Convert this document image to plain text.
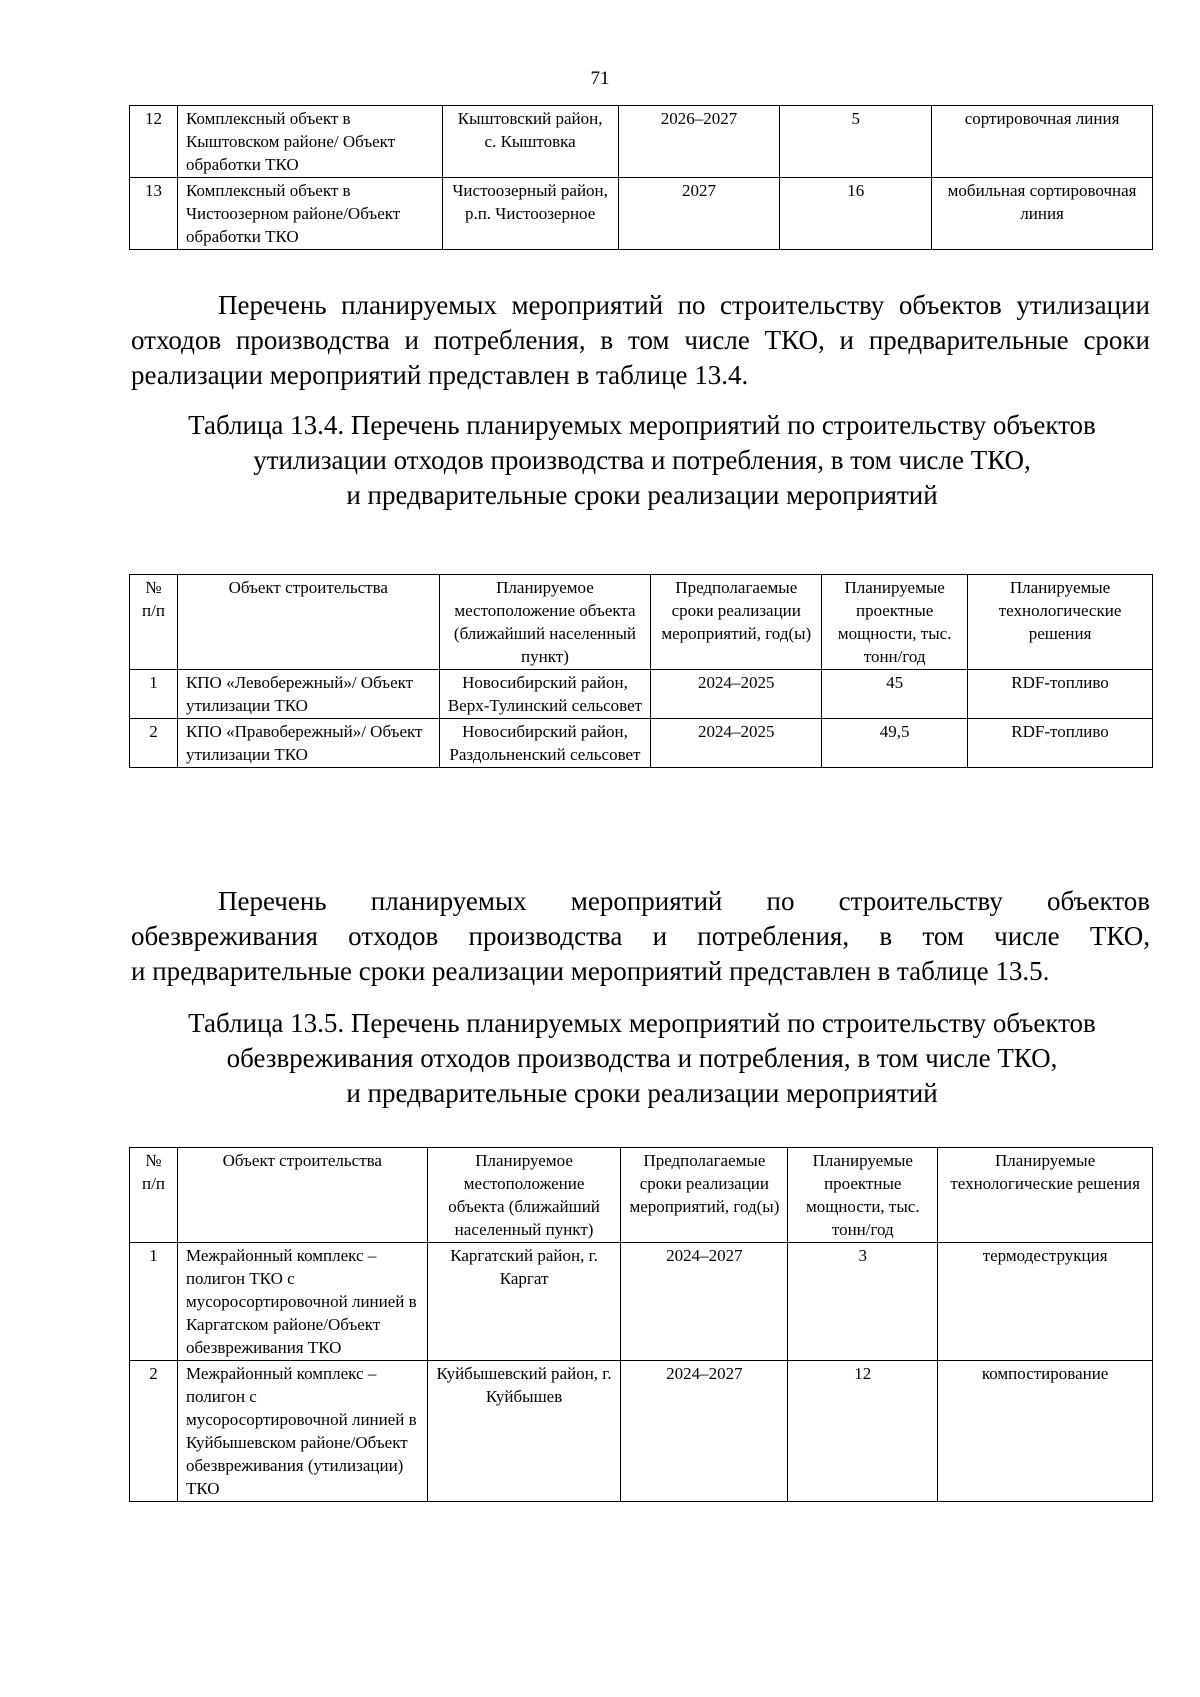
71
12	Комплексный объект в Кыштовском районе/ Объект обработки ТКО	Кыштовский район, с. Кыштовка	2026–2027	5	сортировочная линия
13	Комплексный объект в Чистоозерном районе/Объект обработки ТКО	Чистоозерный район, р.п. Чистоозерное	2027	16	мобильная сортировочная линия
Перечень планируемых мероприятий по строительству объектов утилизации
отходов производства и потребления, в том числе ТКО, и предварительные сроки
реализации мероприятий представлен в таблице 13.4.
Таблица 13.4. Перечень планируемых мероприятий по строительству объектов
утилизации отходов производства и потребления, в том числе ТКО,
и предварительные сроки реализации мероприятий
№ п/п	Объект строительства	Планируемое местоположение объекта (ближайший населенный пункт)	Предполагаемые сроки реализации мероприятий, год(ы)	Планируемые проектные мощности, тыс. тонн/год	Планируемые технологические решения
1	КПО «Левобережный»/ Объект утилизации ТКО	Новосибирский район, Верх-Тулинский сельсовет	2024–2025	45	RDF-топливо
2	КПО «Правобережный»/ Объект утилизации ТКО	Новосибирский район, Раздольненский сельсовет	2024–2025	49,5	RDF-топливо
Перечень планируемых мероприятий по строительству объектов
обезвреживания отходов производства и потребления, в том числе ТКО,
и предварительные сроки реализации мероприятий представлен в таблице 13.5.
Таблица 13.5. Перечень планируемых мероприятий по строительству объектов
обезвреживания отходов производства и потребления, в том числе ТКО,
и предварительные сроки реализации мероприятий
№ п/п	Объект строительства	Планируемое местоположение объекта (ближайший населенный пункт)	Предполагаемые сроки реализации мероприятий, год(ы)	Планируемые проектные мощности, тыс. тонн/год	Планируемые технологические решения
1	Межрайонный комплекс – полигон ТКО с мусоросортировочной линией в Каргатском районе/Объект обезвреживания ТКО	Каргатский район, г. Каргат	2024–2027	3	термодеструкция
2	Межрайонный комплекс – полигон с мусоросортировочной линией в Куйбышевском районе/Объект обезвреживания (утилизации) ТКО	Куйбышевский район, г. Куйбышев	2024–2027	12	компостирование
